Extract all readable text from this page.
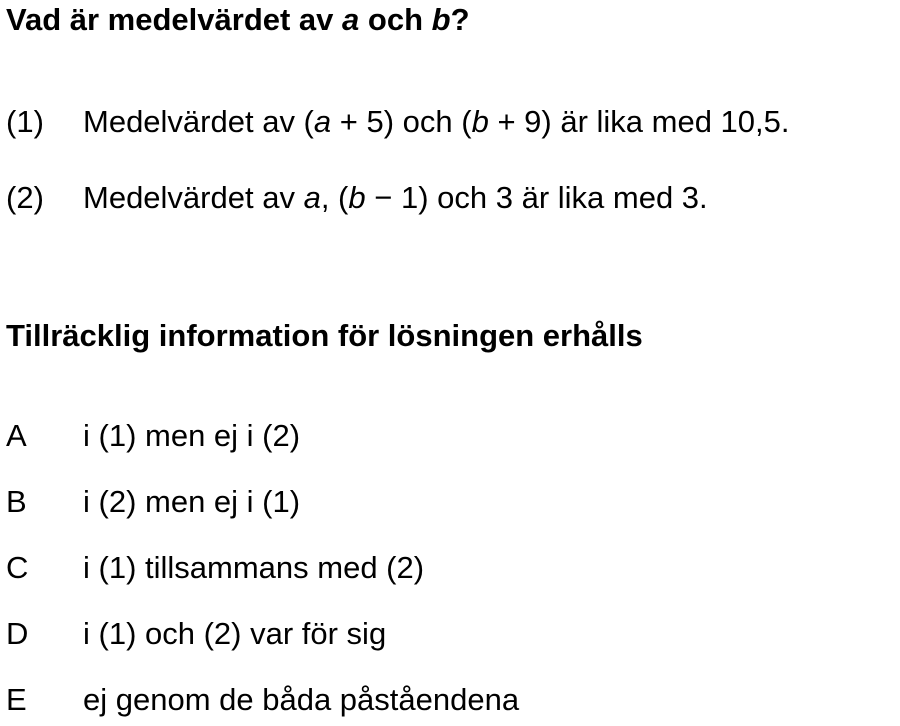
Vad är medelvärdet av a och b?
(1) Medelvärdet av (a + 5) och (b + 9) är lika med 10,5.
(2) Medelvärdet av a, (b − 1) och 3 är lika med 3.
Tillräcklig information för lösningen erhålls
A i (1) men ej i (2)
B i (2) men ej i (1)
C i (1) tillsammans med (2)
D i (1) och (2) var för sig
E ej genom de båda påståendena
